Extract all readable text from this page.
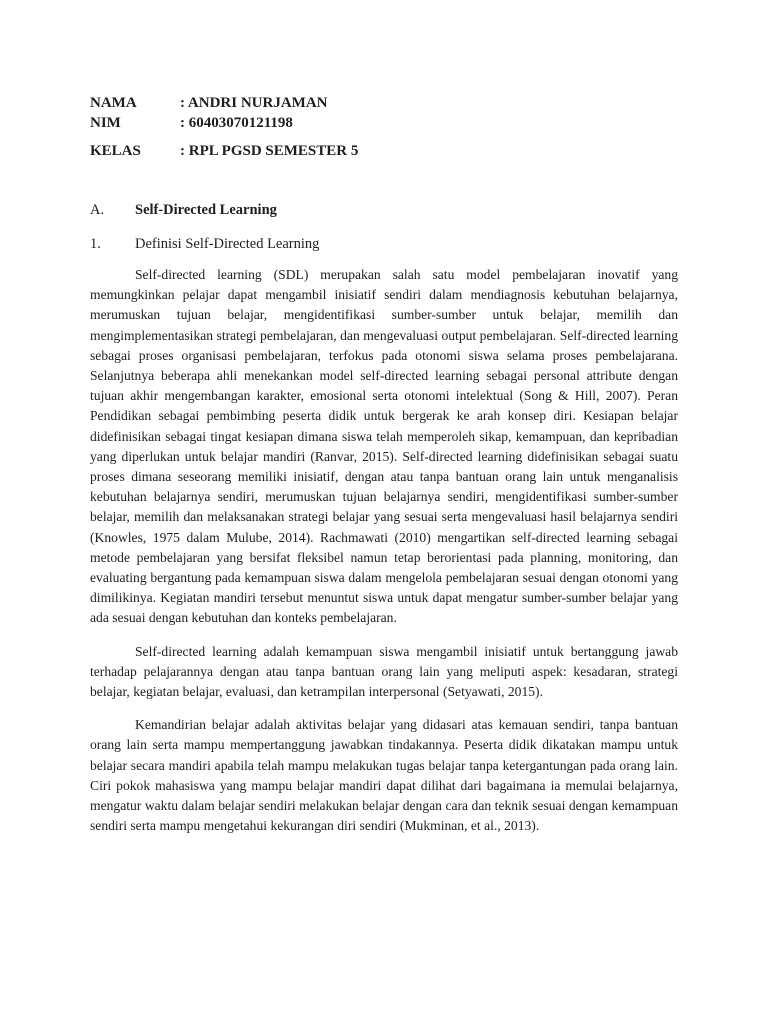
NAMA	: ANDRI NURJAMAN
NIM	: 60403070121198
KELAS	: RPL PGSD SEMESTER 5
A. Self-Directed Learning
1. Definisi Self-Directed Learning

Self-directed learning (SDL) merupakan salah satu model pembelajaran inovatif yang memungkinkan pelajar dapat mengambil inisiatif sendiri dalam mendiagnosis kebutuhan belajarnya, merumuskan tujuan belajar, mengidentifikasi sumber-sumber untuk belajar, memilih dan mengimplementasikan strategi pembelajaran, dan mengevaluasi output pembelajaran. Self-directed learning sebagai proses organisasi pembelajaran, terfokus pada otonomi siswa selama proses pembelajarana. Selanjutnya beberapa ahli menekankan model self-directed learning sebagai personal attribute dengan tujuan akhir mengembangan karakter, emosional serta otonomi intelektual (Song & Hill, 2007). Peran Pendidikan sebagai pembimbing peserta didik untuk bergerak ke arah konsep diri. Kesiapan belajar didefinisikan sebagai tingat kesiapan dimana siswa telah memperoleh sikap, kemampuan, dan kepribadian yang diperlukan untuk belajar mandiri (Ranvar, 2015). Self-directed learning didefinisikan sebagai suatu proses dimana seseorang memiliki inisiatif, dengan atau tanpa bantuan orang lain untuk menganalisis kebutuhan belajarnya sendiri, merumuskan tujuan belajarnya sendiri, mengidentifikasi sumber-sumber belajar, memilih dan melaksanakan strategi belajar yang sesuai serta mengevaluasi hasil belajarnya sendiri (Knowles, 1975 dalam Mulube, 2014). Rachmawati (2010) mengartikan self-directed learning sebagai metode pembelajaran yang bersifat fleksibel namun tetap berorientasi pada planning, monitoring, dan evaluating bergantung pada kemampuan siswa dalam mengelola pembelajaran sesuai dengan otonomi yang dimilikinya. Kegiatan mandiri tersebut menuntut siswa untuk dapat mengatur sumber-sumber belajar yang ada sesuai dengan kebutuhan dan konteks pembelajaran.

Self-directed learning adalah kemampuan siswa mengambil inisiatif untuk bertanggung jawab terhadap pelajarannya dengan atau tanpa bantuan orang lain yang meliputi aspek: kesadaran, strategi belajar, kegiatan belajar, evaluasi, dan ketrampilan interpersonal (Setyawati, 2015).

Kemandirian belajar adalah aktivitas belajar yang didasari atas kemauan sendiri, tanpa bantuan orang lain serta mampu mempertanggung jawabkan tindakannya. Peserta didik dikatakan mampu untuk belajar secara mandiri apabila telah mampu melakukan tugas belajar tanpa ketergantungan pada orang lain. Ciri pokok mahasiswa yang mampu belajar mandiri dapat dilihat dari bagaimana ia memulai belajarnya, mengatur waktu dalam belajar sendiri melakukan belajar dengan cara dan teknik sesuai dengan kemampuan sendiri serta mampu mengetahui kekurangan diri sendiri (Mukminan, et al., 2013).
